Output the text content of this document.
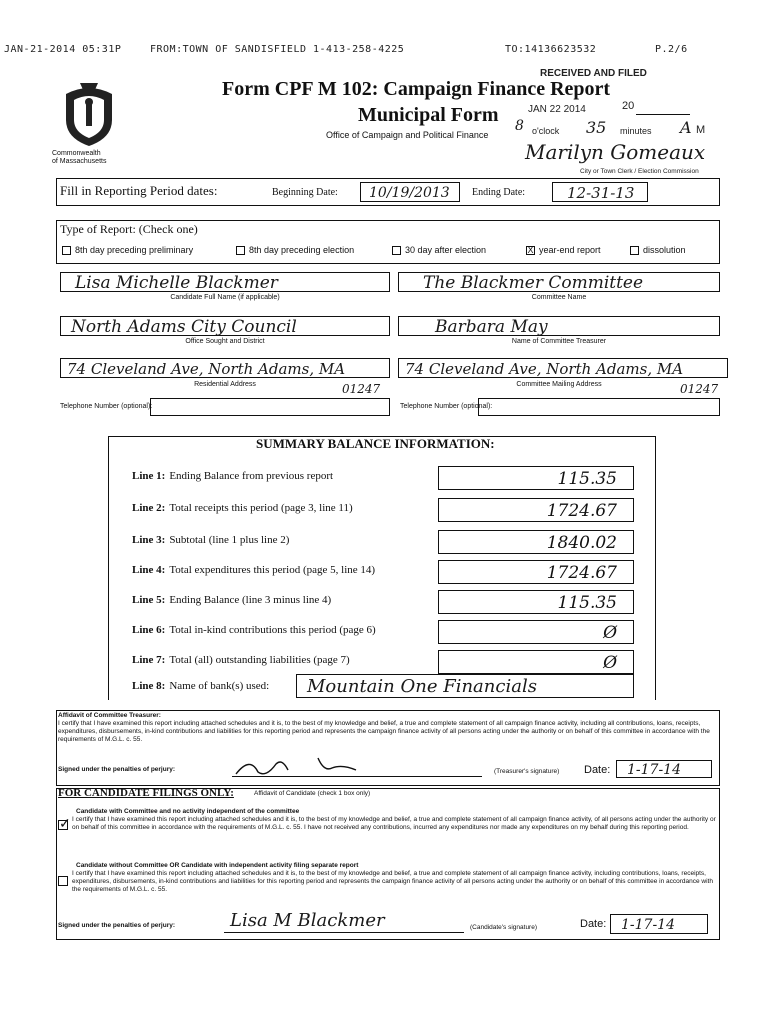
JAN-21-2014 05:31P	FROM:TOWN OF SANDISFIELD 1-413-258-4225	TO:14136623532	P.2/6
Commonwealth
of Massachusetts
Form CPF M 102: Campaign Finance Report
Municipal Form
Office of Campaign and Political Finance
RECEIVED AND FILED
JAN 22 2014	20
8 o'clock 35 minutes A M
Marilyn Gomeaux
City or Town Clerk / Election Commission
Fill in Reporting Period dates:	Beginning Date:	10/19/2013	Ending Date:	12-31-13
Type of Report: (Check one)
8th day preceding preliminary	8th day preceding election	30 day after election	X year-end report	dissolution
Lisa Michelle Blackmer
Candidate Full Name (if applicable)
North Adams City Council
Office Sought and District
74 Cleveland Ave, North Adams, MA
01247
Residential Address
Telephone Number (optional):
The Blackmer Committee
Committee Name
Barbara May
Name of Committee Treasurer
74 Cleveland Ave, North Adams, MA
01247
Committee Mailing Address
Telephone Number (optional):
SUMMARY BALANCE INFORMATION:
Line 1: Ending Balance from previous report	115.35
Line 2: Total receipts this period (page 3, line 11)	1724.67
Line 3: Subtotal (line 1 plus line 2)	1840.02
Line 4: Total expenditures this period (page 5, line 14)	1724.67
Line 5: Ending Balance (line 3 minus line 4)	115.35
Line 6: Total in-kind contributions this period (page 6)	Ø
Line 7: Total (all) outstanding liabilities (page 7)	Ø
Line 8: Name of bank(s) used:	Mountain One Financials
Affidavit of Committee Treasurer:
I certify that I have examined this report including attached schedules and it is, to the best of my knowledge and belief, a true and complete statement of all campaign finance activity, including all contributions, loans, receipts, expenditures, disbursements, in-kind contributions and liabilities for this reporting period and represents the campaign finance activity of all persons acting under the authority or on behalf of this committee in accordance with the requirements of M.G.L. c. 55.
Signed under the penalties of perjury:	(Treasurer's signature) Date:	1-17-14
FOR CANDIDATE FILINGS ONLY:	Affidavit of Candidate (check 1 box only)
Candidate with Committee and no activity independent of the committee
✓ I certify that I have examined this report including attached schedules and it is, to the best of my knowledge and belief, a true and complete statement of all campaign finance activity, of all persons acting under the authority or on behalf of this committee in accordance with the requirements of M.G.L. c. 55. I have not received any contributions, incurred any expenditures nor made any expenditures on my behalf during this reporting period.
Candidate without Committee OR Candidate with independent activity filing separate report
I certify that I have examined this report including attached schedules and it is, to the best of my knowledge and belief, a true and complete statement of all campaign finance activity, including contributions, loans, receipts, expenditures, disbursements, in-kind contributions and liabilities for this reporting period and represents the campaign finance activity of all persons acting under the authority or on behalf of this committee in accordance with the requirements of M.G.L. c. 55.
Signed under the penalties of perjury:	Lisa M Blackmer	(Candidate's signature)	Date:	1-17-14
